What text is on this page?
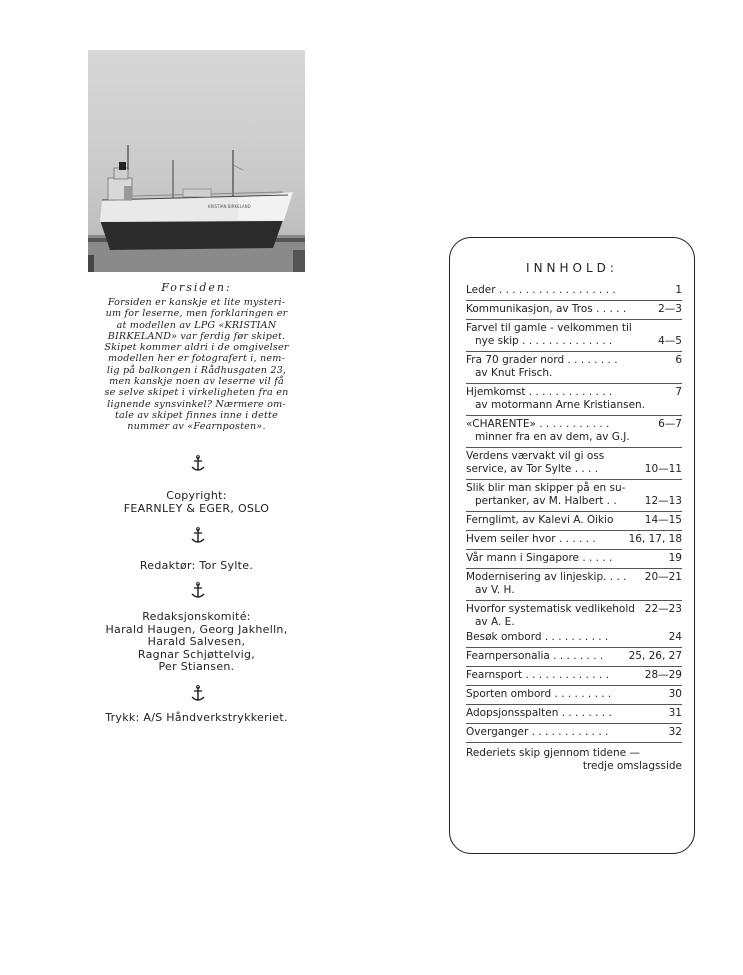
KRISTIAN BIRKELAND
Forsiden:
Forsiden er kanskje et lite mysteri-
um for leserne, men forklaringen er
at modellen av LPG «KRISTIAN
BIRKELAND» var ferdig før skipet.
Skipet kommer aldri i de omgivelser
modellen her er fotografert i, nem-
lig på balkongen i Rådhusgaten 23,
men kanskje noen av leserne vil få
se selve skipet i virkeligheten fra en
lignende synsvinkel? Nærmere om-
tale av skipet finnes inne i dette
nummer av «Fearnposten».
Copyright:
FEARNLEY & EGER, OSLO
Redaktør: Tor Sylte.
Redaksjonskomité:
Harald Haugen, Georg Jakhelln,
Harald Salvesen,
Ragnar Schjøttelvig,
Per Stiansen.
Trykk: A/S Håndverkstrykkeriet.
INNHOLD:
Leder . . . . . . . . . . . . . . . . . .	1
Kommunikasjon, av Tros . . . . .	2—3
Farvel til gamle - velkommen til
nye skip . . . . . . . . . . . . . .	4—5
Fra 70 grader nord . . . . . . . .	6
av Knut Frisch.
Hjemkomst . . . . . . . . . . . . .	7
av motormann Arne Kristiansen.
«CHARENTE» . . . . . . . . . . .	6—7
minner fra en av dem, av G.J.
Verdens værvakt vil gi oss
service, av Tor Sylte . . . .	10—11
Slik blir man skipper på en su-
pertanker, av M. Halbert . .	12—13
Fernglimt, av Kalevi A. Oikio	14—15
Hvem seiler hvor . . . . . .	16, 17, 18
Vår mann i Singapore . . . . .	19
Modernisering av linjeskip. . . .	20—21
av V. H.
Hvorfor systematisk vedlikehold 22—23
av A. E.
Besøk ombord . . . . . . . . . .	24
Fearnpersonalia . . . . . . . .	25, 26, 27
Fearnsport . . . . . . . . . . . . .	28—29
Sporten ombord . . . . . . . . .	30
Adopsjonsspalten . . . . . . . .	31
Overganger . . . . . . . . . . . .	32
Rederiets skip gjennom tidene —
tredje omslagsside
